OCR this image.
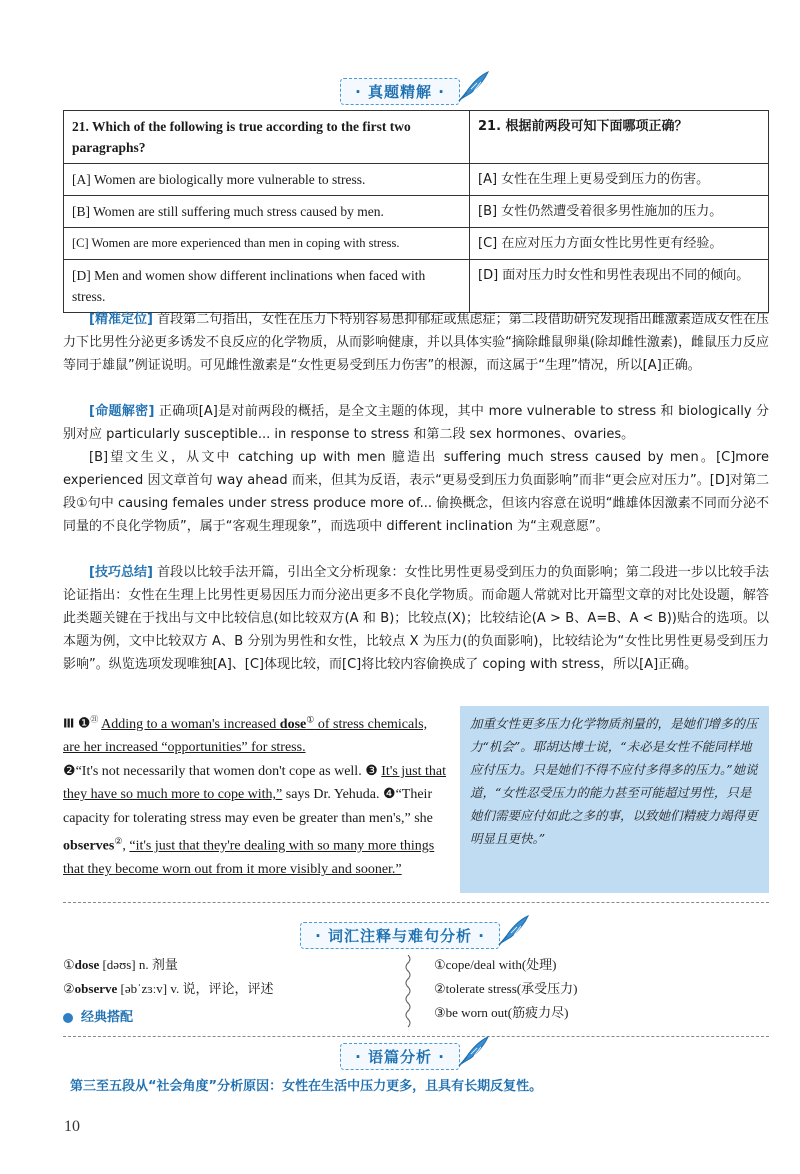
· 真题精解 ·
21. Which of the following is true according to the first two paragraphs?	21. 根据前两段可知下面哪项正确？
[A] Women are biologically more vulnerable to stress.	[A] 女性在生理上更易受到压力的伤害。
[B] Women are still suffering much stress caused by men.	[B] 女性仍然遭受着很多男性施加的压力。
[C] Women are more experienced than men in coping with stress.	[C] 在应对压力方面女性比男性更有经验。
[D] Men and women show different inclinations when faced with stress.	[D] 面对压力时女性和男性表现出不同的倾向。

[精准定位] 首段第二句指出，女性在压力下特别容易患抑郁症或焦虑症；第二段借助研究发现指出雌激素造成女性在压力下比男性分泌更多诱发不良反应的化学物质，从而影响健康，并以具体实验“摘除雌鼠卵巢(除却雌性激素)，雌鼠压力反应等同于雄鼠”例证说明。可见雌性激素是“女性更易受到压力伤害”的根源，而这属于“生理”情况，所以[A]正确。

[命题解密] 正确项[A]是对前两段的概括，是全文主题的体现，其中 more vulnerable to stress 和 biologically 分别对应 particularly susceptible... in response to stress 和第二段 sex hormones、ovaries。

[B]望文生义，从文中 catching up with men 臆造出 suffering much stress caused by men。[C]more experienced 因文章首句 way ahead 而来，但其为反语，表示“更易受到压力负面影响”而非“更会应对压力”。[D]对第二段①句中 causing females under stress produce more of... 偷换概念，但该内容意在说明“雌雄体因激素不同而分泌不同量的不良化学物质”，属于“客观生理现象”，而选项中 different inclination 为“主观意愿”。

[技巧总结] 首段以比较手法开篇，引出全文分析现象：女性比男性更易受到压力的负面影响；第二段进一步以比较手法论证指出：女性在生理上比男性更易因压力而分泌出更多不良化学物质。而命题人常就对比开篇型文章的对比处设题，解答此类题关键在于找出与文中比较信息(如比较双方(A 和 B)；比较点(X)；比较结论(A > B、A=B、A < B))贴合的选项。以本题为例，文中比较双方 A、B 分别为男性和女性，比较点 X 为压力(的负面影响)，比较结论为“女性比男性更易受到压力影响”。纵览选项发现唯独[A]、[C]体现比较，而[C]将比较内容偷换成了 coping with stress，所以[A]正确。

Ⅲ ❶$^㉑$ Adding to a woman's increased dose① of stress chemicals, are her increased “opportunities” for stress.
❷“It's not necessarily that women don't cope as well. ❸ It's just that they have so much more to cope with,” says Dr. Yehuda. ❹“Their capacity for tolerating stress may even be greater than men's,” she observes②, “it's just that they're dealing with so many more things that they become worn out from it more visibly and sooner.”
加重女性更多压力化学物质剂量的，是她们增多的压力“机会”。耶胡达博士说，“未必是女性不能同样地应付压力。只是她们不得不应付多得多的压力。”她说道，“女性忍受压力的能力甚至可能超过男性，只是她们需要应付如此之多的事，以致她们精疲力竭得更明显且更快。”
· 词汇注释与难句分析 ·
①dose [dəʊs] n. 剂量
②observe [əbˈzɜːv] v. 说，评论，评述
①cope/deal with(处理)
②tolerate stress(承受压力)
③be worn out(筋疲力尽)
经典搭配
· 语篇分析 ·
第三至五段从“社会角度”分析原因：女性在生活中压力更多，且具有长期反复性。
10
